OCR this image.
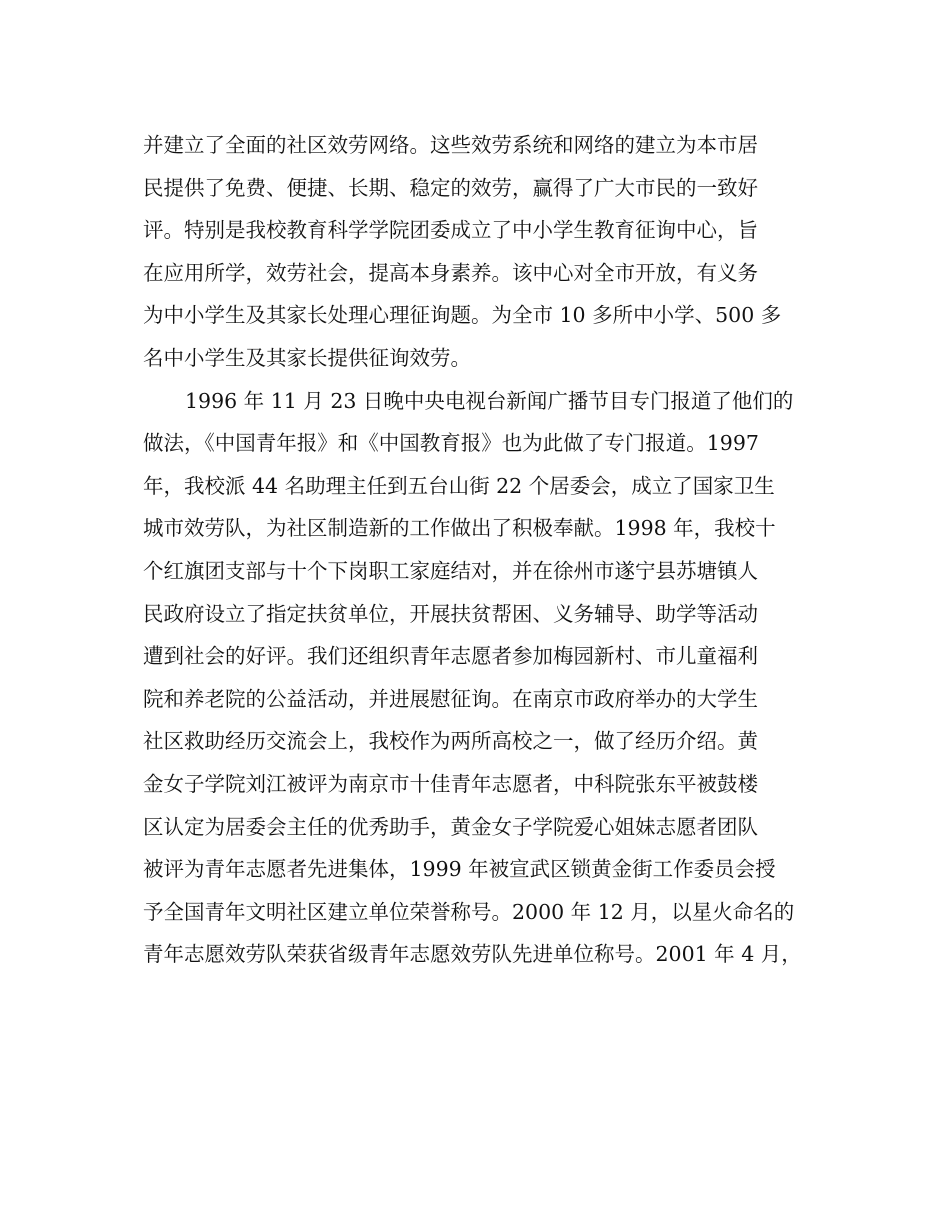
并建立了全面的社区效劳网络。这些效劳系统和网络的建立为本市居
民提供了免费、便捷、长期、稳定的效劳，赢得了广大市民的一致好
评。特别是我校教育科学学院团委成立了中小学生教育征询中心，旨
在应用所学，效劳社会，提高本身素养。该中心对全市开放，有义务
为中小学生及其家长处理心理征询题。为全市 10 多所中小学、500 多
名中小学生及其家长提供征询效劳。
1996 年 11 月 23 日晚中央电视台新闻广播节目专门报道了他们的
做法，《中国青年报》和《中国教育报》也为此做了专门报道。1997
年，我校派 44 名助理主任到五台山街 22 个居委会，成立了国家卫生
城市效劳队，为社区制造新的工作做出了积极奉献。1998 年，我校十
个红旗团支部与十个下岗职工家庭结对，并在徐州市遂宁县苏塘镇人
民政府设立了指定扶贫单位，开展扶贫帮困、义务辅导、助学等活动
遭到社会的好评。我们还组织青年志愿者参加梅园新村、市儿童福利
院和养老院的公益活动，并进展慰征询。在南京市政府举办的大学生
社区救助经历交流会上，我校作为两所高校之一，做了经历介绍。黄
金女子学院刘江被评为南京市十佳青年志愿者，中科院张东平被鼓楼
区认定为居委会主任的优秀助手，黄金女子学院爱心姐妹志愿者团队
被评为青年志愿者先进集体，1999 年被宣武区锁黄金街工作委员会授
予全国青年文明社区建立单位荣誉称号。2000 年 12 月，以星火命名的
青年志愿效劳队荣获省级青年志愿效劳队先进单位称号。2001 年 4 月，
